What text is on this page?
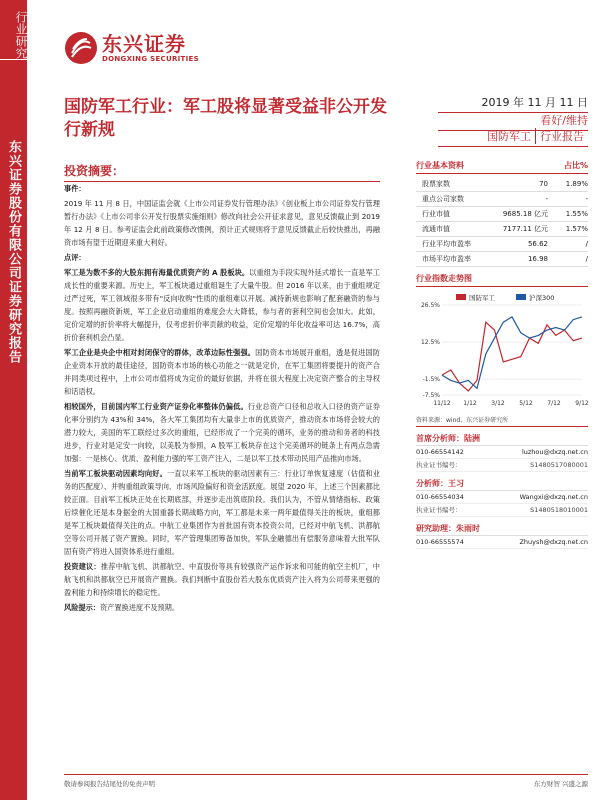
行业研究
东兴证券股份有限公司证券研究报告
东兴证券
DONGXING SECURITIES
国防军工行业：军工股将显著受益非公开发行新规
2019 年 11 月 11 日
看好/维持
国防军工 行业报告
投资摘要：

事件：

2019 年 11 月 8 日，中国证监会就《上市公司证券发行管理办法》《创业板上市公司证券发行管理暂行办法》《上市公司非公开发行股票实施细则》修改向社会公开征求意见，意见反馈截止到 2019 年 12 月 8 日。参考证监会此前政策修改惯例，预计正式规则将于意见反馈截止后较快推出，再融资市场有望于近期迎来重大利好。

点评：

军工是为数不多的大股东拥有海量优质资产的 A 股板块。以重组为手段实现外延式增长一直是军工成长性的重要来源。历史上，军工板块通过重组诞生了大量牛股。但 2016 年以来，由于重组规定过严过死，军工领域很多带有"反向收购"性质的重组难以开展。减持新规也影响了配套融资的参与度。按照再融资新规，军工企业启动重组的难度会大大降低，参与者的套利空间也会加大。此如，定价定增的折价率将大幅提升，仅考虑折价率贡献的收益，定价定增的年化收益率可达 16.7%，高折价套利机会凸显。

军工企业是央企中相对封闭保守的群体，改革边际性强强。国防资本市场展开重组，透是促进国防企业资本开放的最佳途径，国防资本市场的核心功能之一就是定价，在军工集团将要提升的资产合并同类项过程中，上市公司市值将成为定价的最好依据，并将在很大程度上决定资产整合的主导权和话语权。

相较国外，目前国内军工行业资产证券化率整体仍偏低。行业总资产口径和总收入口径的资产证券化率分别约为 43%和 34%，各大军工集团均有大量非上市的优质资产，推动资本市场将会较大的潜力较大，美国的军工联经过多次的重组，已经形成了一个完美的循环，业务的推动和务者的科技进步，行业对是定安一向较，以美股为参照，A 股军工板块存在这个完美循环的链条上有两点急需加强：一是核心、优质、盈利能力强的军工资产注入，二是以军工技术带动民用产品推向市场。

当前军工板块驱动因素均向好。一直以来军工板块的驱动因素有三：行业订单恢复速度（估值和业务的匹配度）、并购重组政策导向、市场风险偏好和资金活跃度。展望 2020 年，上述三个因素都比较正面。目前军工板块正处在长期底部，并逐步走出筑底阶段。我们认为，不管从情绪指标、政策后续催化还是本身据金的大国重器长期战略方向，军工都是未来一两年最值得关注的板块，重组都是军工板块最值得关注的点。中航工业集团作为首批国有资本投资公司，已经对中航飞机、洪都航空等公司开展了资产置换。同时，军产管理集团筹备加快，军队金融德出有偿服务意味着大批军队固有资产将进入国资体系进行重组。

投资建议：推荐中航飞机、洪都航空、中直股份等具有较强资产运作诉求和可能的航空主机厂，中航飞机和洪都航空已开展资产置换。我们判断中直股份若大股东优质资产注入将为公司带来更强的盈利能力和持续增长的稳定性。

风险提示：资产置换进度不及预期。

行业基本资料	占比%
股票家数	70	1.89%
重点公司家数	-	-
行业市值	9685.18 亿元	1.55%
流通市值	7177.11 亿元	1.57%
行业平均市盈率	56.62	/
市场平均市盈率	16.98	/
行业指数走势图
国防军工	沪深300
26.5%
12.5%
-1.5%
-7.5%
11/12 1/12 3/12 5/12 7/12 9/12
资料来源：wind、东兴证券研究所
首席分析师：陆洲
010-66554142	luzhou@dxzq.net.cn
执业证书编号：	S1480517080001
分析师：王习
010-66554034	Wangxi@dxzq.net.cn
执业证书编号：	S1480518010001
研究助理：朱雨时
010-66555574	Zhuysh@dxzq.net.cn
敬请参阅报告结尾处的免责声明	东方财智 兴盛之源
